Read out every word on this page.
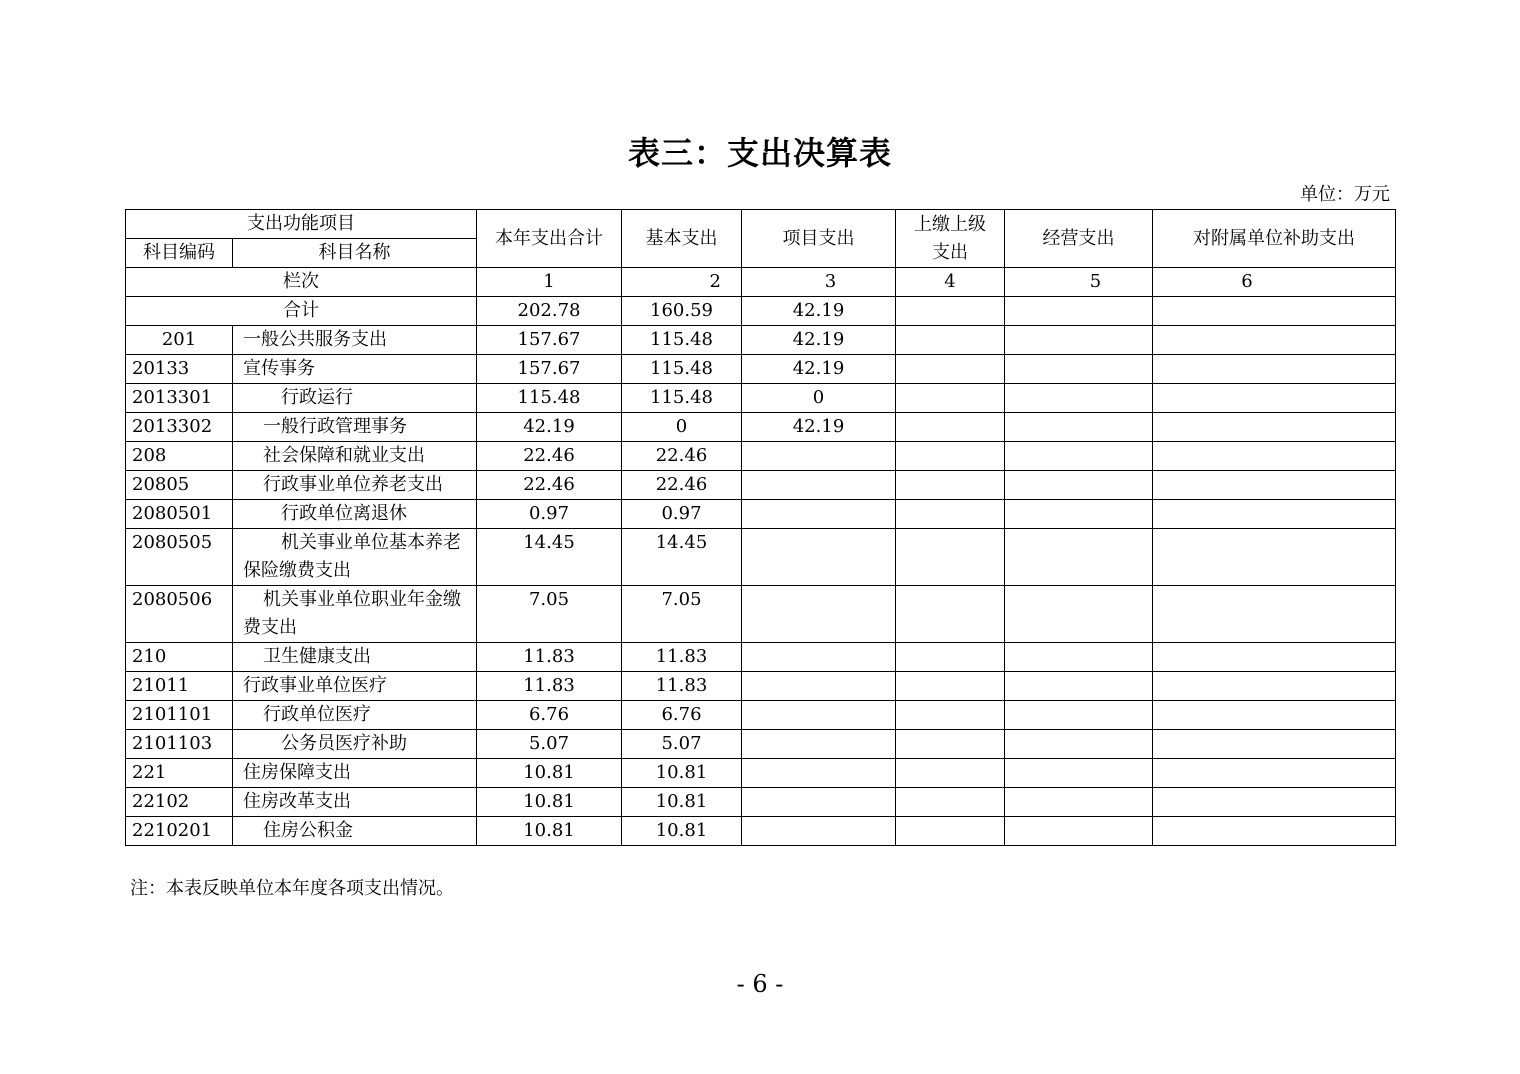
表三：支出决算表
单位：万元
支出功能项目		本年支出合计	基本支出	项目支出	上缴上级支出	经营支出	对附属单位补助支出
科目编码	科目名称						
栏次		1	2	3	4	5	6
合计		202.78	160.59	42.19			
201	一般公共服务支出	157.67	115.48	42.19			
20133	宣传事务	157.67	115.48	42.19			
2013301	行政运行	115.48	115.48	0			
2013302	一般行政管理事务	42.19	0	42.19			
208	社会保障和就业支出	22.46	22.46				
20805	行政事业单位养老支出	22.46	22.46				
2080501	行政单位离退休	0.97	0.97				
2080505	机关事业单位基本养老保险缴费支出	14.45	14.45				
2080506	机关事业单位职业年金缴费支出	7.05	7.05				
210	卫生健康支出	11.83	11.83				
21011	行政事业单位医疗	11.83	11.83				
2101101	行政单位医疗	6.76	6.76				
2101103	公务员医疗补助	5.07	5.07				
221	住房保障支出	10.81	10.81				
22102	住房改革支出	10.81	10.81				
2210201	住房公积金	10.81	10.81				
注：本表反映单位本年度各项支出情况。
- 6 -
